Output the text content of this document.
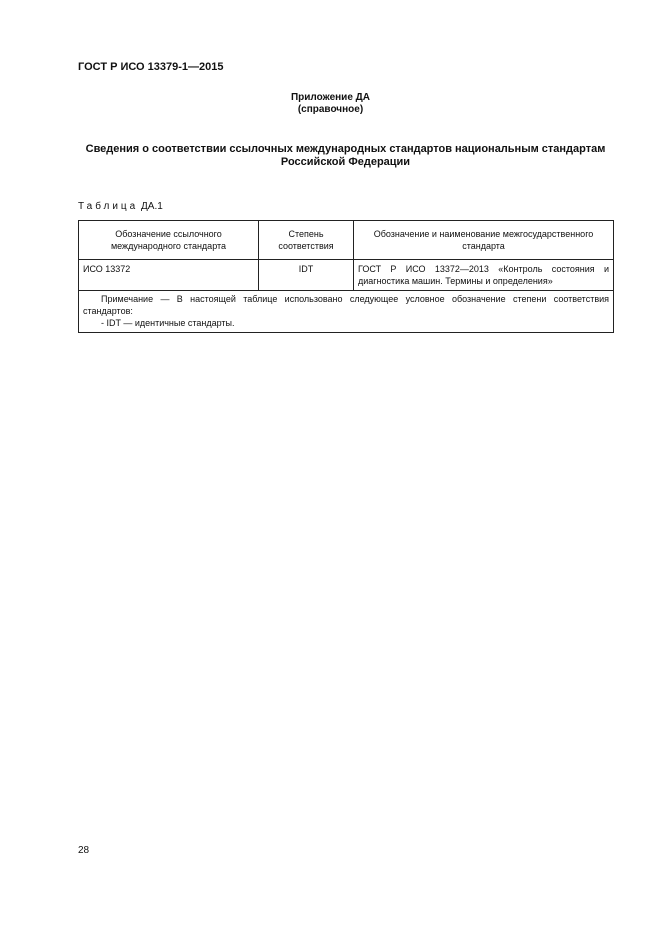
ГОСТ Р ИСО 13379-1—2015
Приложение ДА
(справочное)
Сведения о соответствии ссылочных международных стандартов национальным стандартам Российской Федерации
Таблица ДА.1
Обозначение ссылочного международного стандарта	Степень соответствия	Обозначение и наименование межгосударственного стандарта
ИСО 13372	IDT	ГОСТ Р ИСО 13372—2013 «Контроль состояния и диагностика машин. Термины и определения»

Примечание — В настоящей таблице использовано следующее условное обозначение степени соответствия стандартов:
- IDT — идентичные стандарты.		
28
